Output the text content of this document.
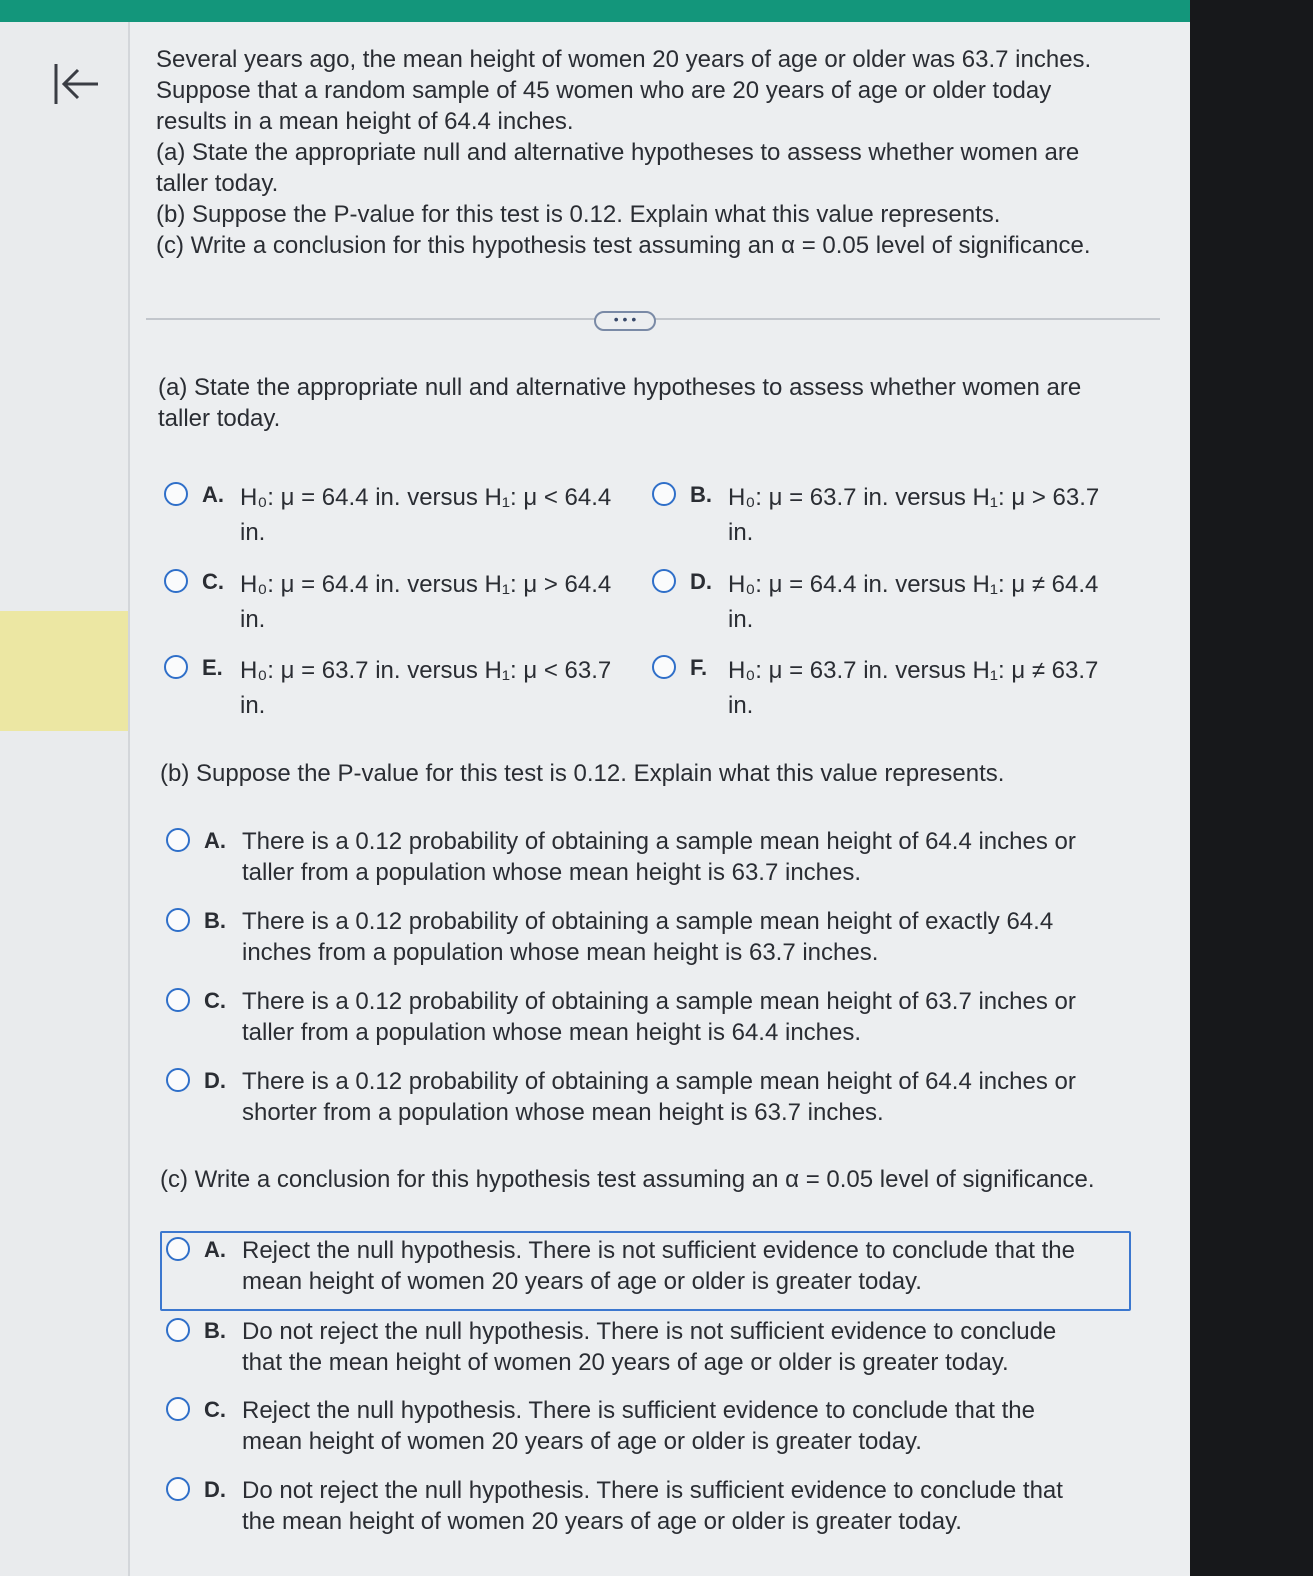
Several years ago, the mean height of women 20 years of age or older was 63.7 inches.

Suppose that a random sample of 45 women who are 20 years of age or older today

results in a mean height of 64.4 inches.

(a) State the appropriate null and alternative hypotheses to assess whether women are

taller today.

(b) Suppose the P-value for this test is 0.12. Explain what this value represents.

(c) Write a conclusion for this hypothesis test assuming an α = 0.05 level of significance.

• • •

(a) State the appropriate null and alternative hypotheses to assess whether women are taller today.

A. H₀: μ = 64.4 in. versus H₁: μ < 64.4 in.
B. H₀: μ = 63.7 in. versus H₁: μ > 63.7 in.
C. H₀: μ = 64.4 in. versus H₁: μ > 64.4 in.
D. H₀: μ = 64.4 in. versus H₁: μ ≠ 64.4 in.
E. H₀: μ = 63.7 in. versus H₁: μ < 63.7 in.
F. H₀: μ = 63.7 in. versus H₁: μ ≠ 63.7 in.

(b) Suppose the P-value for this test is 0.12. Explain what this value represents.

A. There is a 0.12 probability of obtaining a sample mean height of 64.4 inches or taller from a population whose mean height is 63.7 inches.
B. There is a 0.12 probability of obtaining a sample mean height of exactly 64.4 inches from a population whose mean height is 63.7 inches.
C. There is a 0.12 probability of obtaining a sample mean height of 63.7 inches or taller from a population whose mean height is 64.4 inches.
D. There is a 0.12 probability of obtaining a sample mean height of 64.4 inches or shorter from a population whose mean height is 63.7 inches.

(c) Write a conclusion for this hypothesis test assuming an α = 0.05 level of significance.

A. Reject the null hypothesis. There is not sufficient evidence to conclude that the mean height of women 20 years of age or older is greater today.
B. Do not reject the null hypothesis. There is not sufficient evidence to conclude that the mean height of women 20 years of age or older is greater today.
C. Reject the null hypothesis. There is sufficient evidence to conclude that the mean height of women 20 years of age or older is greater today.
D. Do not reject the null hypothesis. There is sufficient evidence to conclude that the mean height of women 20 years of age or older is greater today.
